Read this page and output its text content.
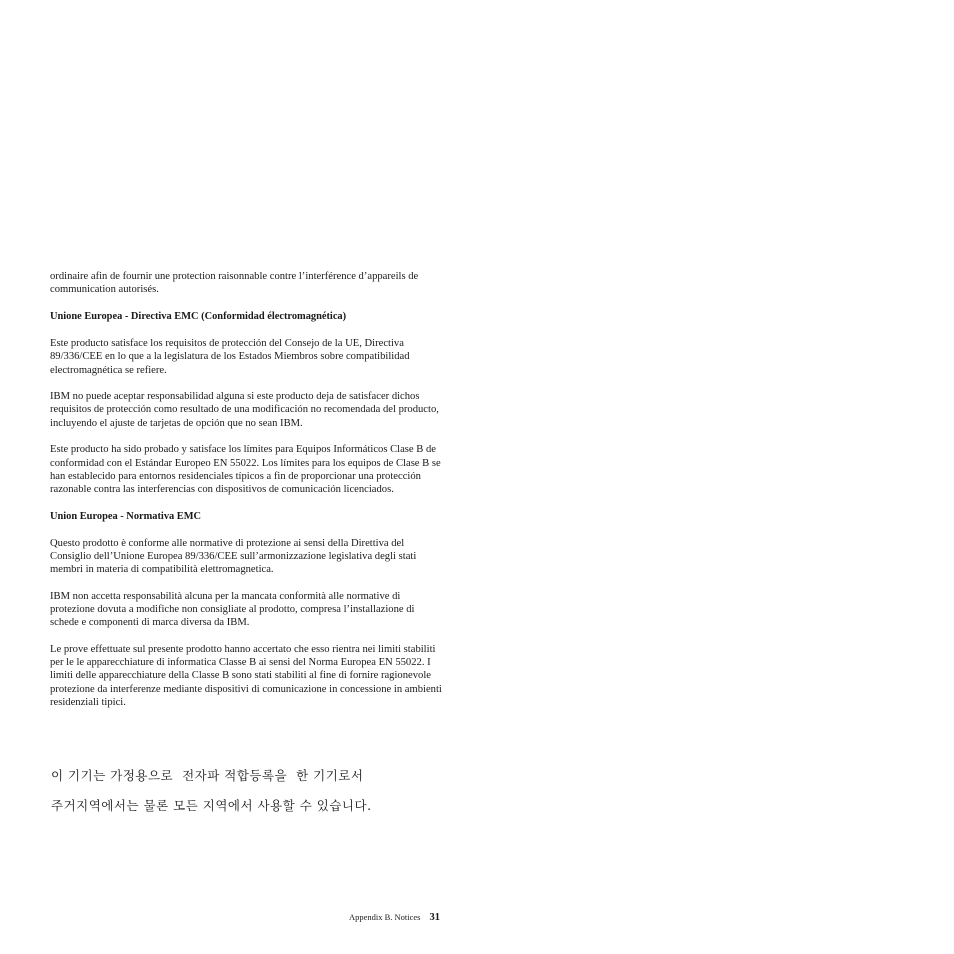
ordinaire afin de fournir une protection raisonnable contre l’interférence d’appareils de communication autorisés.

Unione Europea - Directiva EMC (Conformidad électromagnética)

Este producto satisface los requisitos de protección del Consejo de la UE, Directiva 89/336/CEE en lo que a la legislatura de los Estados Miembros sobre compatibilidad electromagnética se refiere.

IBM no puede aceptar responsabilidad alguna si este producto deja de satisfacer dichos requisitos de protección como resultado de una modificación no recomendada del producto, incluyendo el ajuste de tarjetas de opción que no sean IBM.

Este producto ha sido probado y satisface los límites para Equipos Informáticos Clase B de conformidad con el Estándar Europeo EN 55022. Los límites para los equipos de Clase B se han establecido para entornos residenciales típicos a fin de proporcionar una protección razonable contra las interferencias con dispositivos de comunicación licenciados.

Union Europea - Normativa EMC

Questo prodotto è conforme alle normative di protezione ai sensi della Direttiva del Consiglio dell’Unione Europea 89/336/CEE sull’armonizzazione legislativa degli stati membri in materia di compatibilità elettromagnetica.

IBM non accetta responsabilità alcuna per la mancata conformità alle normative di protezione dovuta a modifiche non consigliate al prodotto, compresa l’installazione di schede e componenti di marca diversa da IBM.

Le prove effettuate sul presente prodotto hanno accertato che esso rientra nei limiti stabiliti per le le apparecchiature di informatica Classe B ai sensi del Norma Europea EN 55022. I limiti delle apparecchiature della Classe B sono stati stabiliti al fine di fornire ragionevole protezione da interferenze mediante dispositivi di comunicazione in concessione in ambienti residenziali tipici.

이 기기는 가정용으로  전자파 적합등록을  한 기기로서
주거지역에서는 물론 모든 지역에서 사용할 수 있습니다.
Appendix B. Notices 31
